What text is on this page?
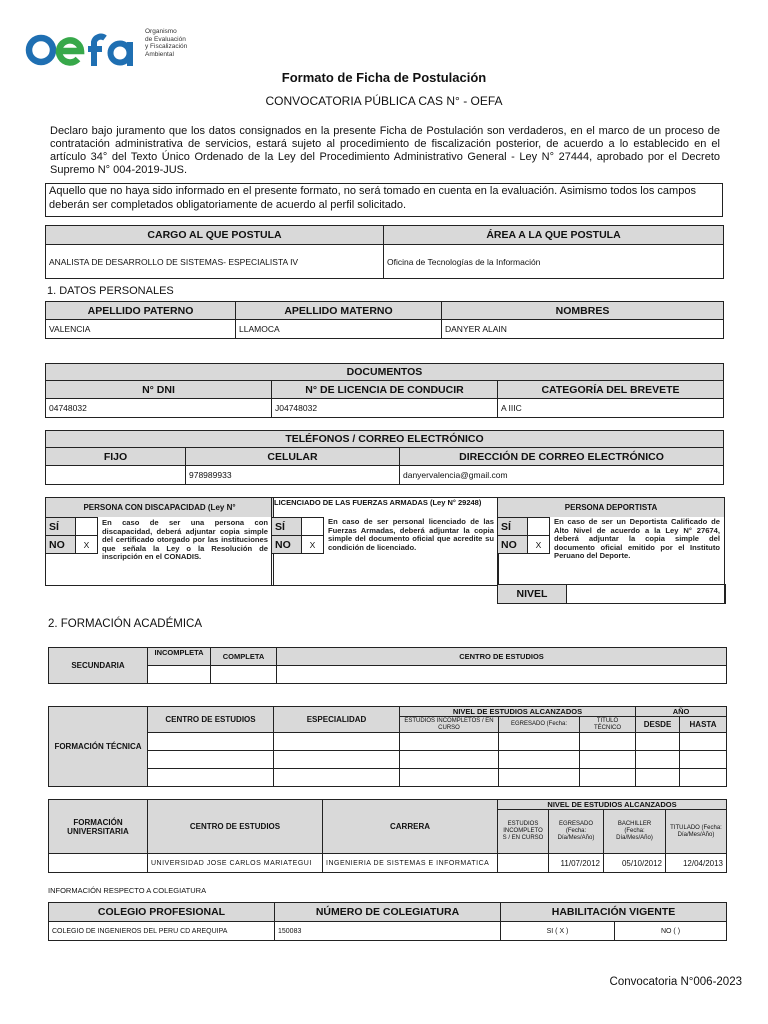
Organismo
de Evaluación
y Fiscalización
Ambiental
Formato de Ficha de Postulación
CONVOCATORIA PÚBLICA CAS N° - OEFA
Declaro bajo juramento que los datos consignados en la presente Ficha de Postulación son verdaderos, en el marco de un proceso de contratación administrativa de servicios, estará sujeto al procedimiento de fiscalización posterior, de acuerdo a lo establecido en el artículo 34° del Texto Único Ordenado de la Ley del Procedimiento Administrativo General - Ley N° 27444, aprobado por el Decreto Supremo N° 004-2019-JUS.
Aquello que no haya sido informado en el presente formato, no será tomado en cuenta en la evaluación. Asimismo todos los campos deberán ser completados obligatoriamente de acuerdo al perfil solicitado.
CARGO AL QUE POSTULA	ÁREA A LA QUE POSTULA
ANALISTA DE DESARROLLO DE SISTEMAS- ESPECIALISTA IV	Oficina de Tecnologías de la Información
1. DATOS PERSONALES
APELLIDO PATERNO	APELLIDO MATERNO	NOMBRES
VALENCIA	LLAMOCA	DANYER ALAIN
DOCUMENTOS		
N° DNI	N° DE LICENCIA DE CONDUCIR	CATEGORÍA DEL BREVETE
04748032	J04748032	A IIIC
TELÉFONOS / CORREO ELECTRÓNICO		
FIJO	CELULAR	DIRECCIÓN DE CORREO ELECTRÓNICO
	978989933	danyervalencia@gmail.com
PERSONA CON DISCAPACIDAD (Ley N°
SÍ	
NO	X
En caso de ser una persona con discapacidad, deberá adjuntar copia simple del certificado otorgado por las instituciones que señala la Ley o la Resolución de inscripción en el CONADIS.
LICENCIADO DE LAS FUERZAS ARMADAS (Ley N° 29248)
SÍ	
NO	X
En caso de ser personal licenciado de las Fuerzas Armadas, deberá adjuntar la copia simple del documento oficial que acredite su condición de licenciado.
PERSONA DEPORTISTA
SÍ	
NO	X
En caso de ser un Deportista Calificado de Alto Nivel de acuerdo a la Ley N° 27674, deberá adjuntar la copia simple del documento oficial emitido por el Instituto Peruano del Deporte.
NIVEL	
2. FORMACIÓN ACADÉMICA
SECUNDARIA	INCOMPLETA	COMPLETA	CENTRO DE ESTUDIOS

FORMACIÓN TÉCNICA	CENTRO DE ESTUDIOS	ESPECIALIDAD	NIVEL DE ESTUDIOS ALCANZADOS			AÑO	
			ESTUDIOS INCOMPLETOS / EN CURSO	EGRESADO (Fecha:	TITULO TÉCNICO	DESDE	HASTA

FORMACIÓN UNIVERSITARIA	CENTRO DE ESTUDIOS	CARRERA	NIVEL DE ESTUDIOS ALCANZADOS			
			ESTUDIOS INCOMPLETO S / EN CURSO	EGRESADO (Fecha: Día/Mes/Año)	BACHILLER (Fecha: Día/Mes/Año)	TITULADO (Fecha: Día/Mes/Año)
	UNIVERSIDAD JOSE CARLOS MARIATEGUI	INGENIERIA DE SISTEMAS E INFORMATICA		11/07/2012	05/10/2012	12/04/2013
INFORMACIÓN RESPECTO A COLEGIATURA
COLEGIO PROFESIONAL	NÚMERO DE COLEGIATURA	HABILITACIÓN VIGENTE	
COLEGIO DE INGENIEROS DEL PERU CD AREQUIPA	150083	SI ( X )	NO ( )
Convocatoria N°006-2023
